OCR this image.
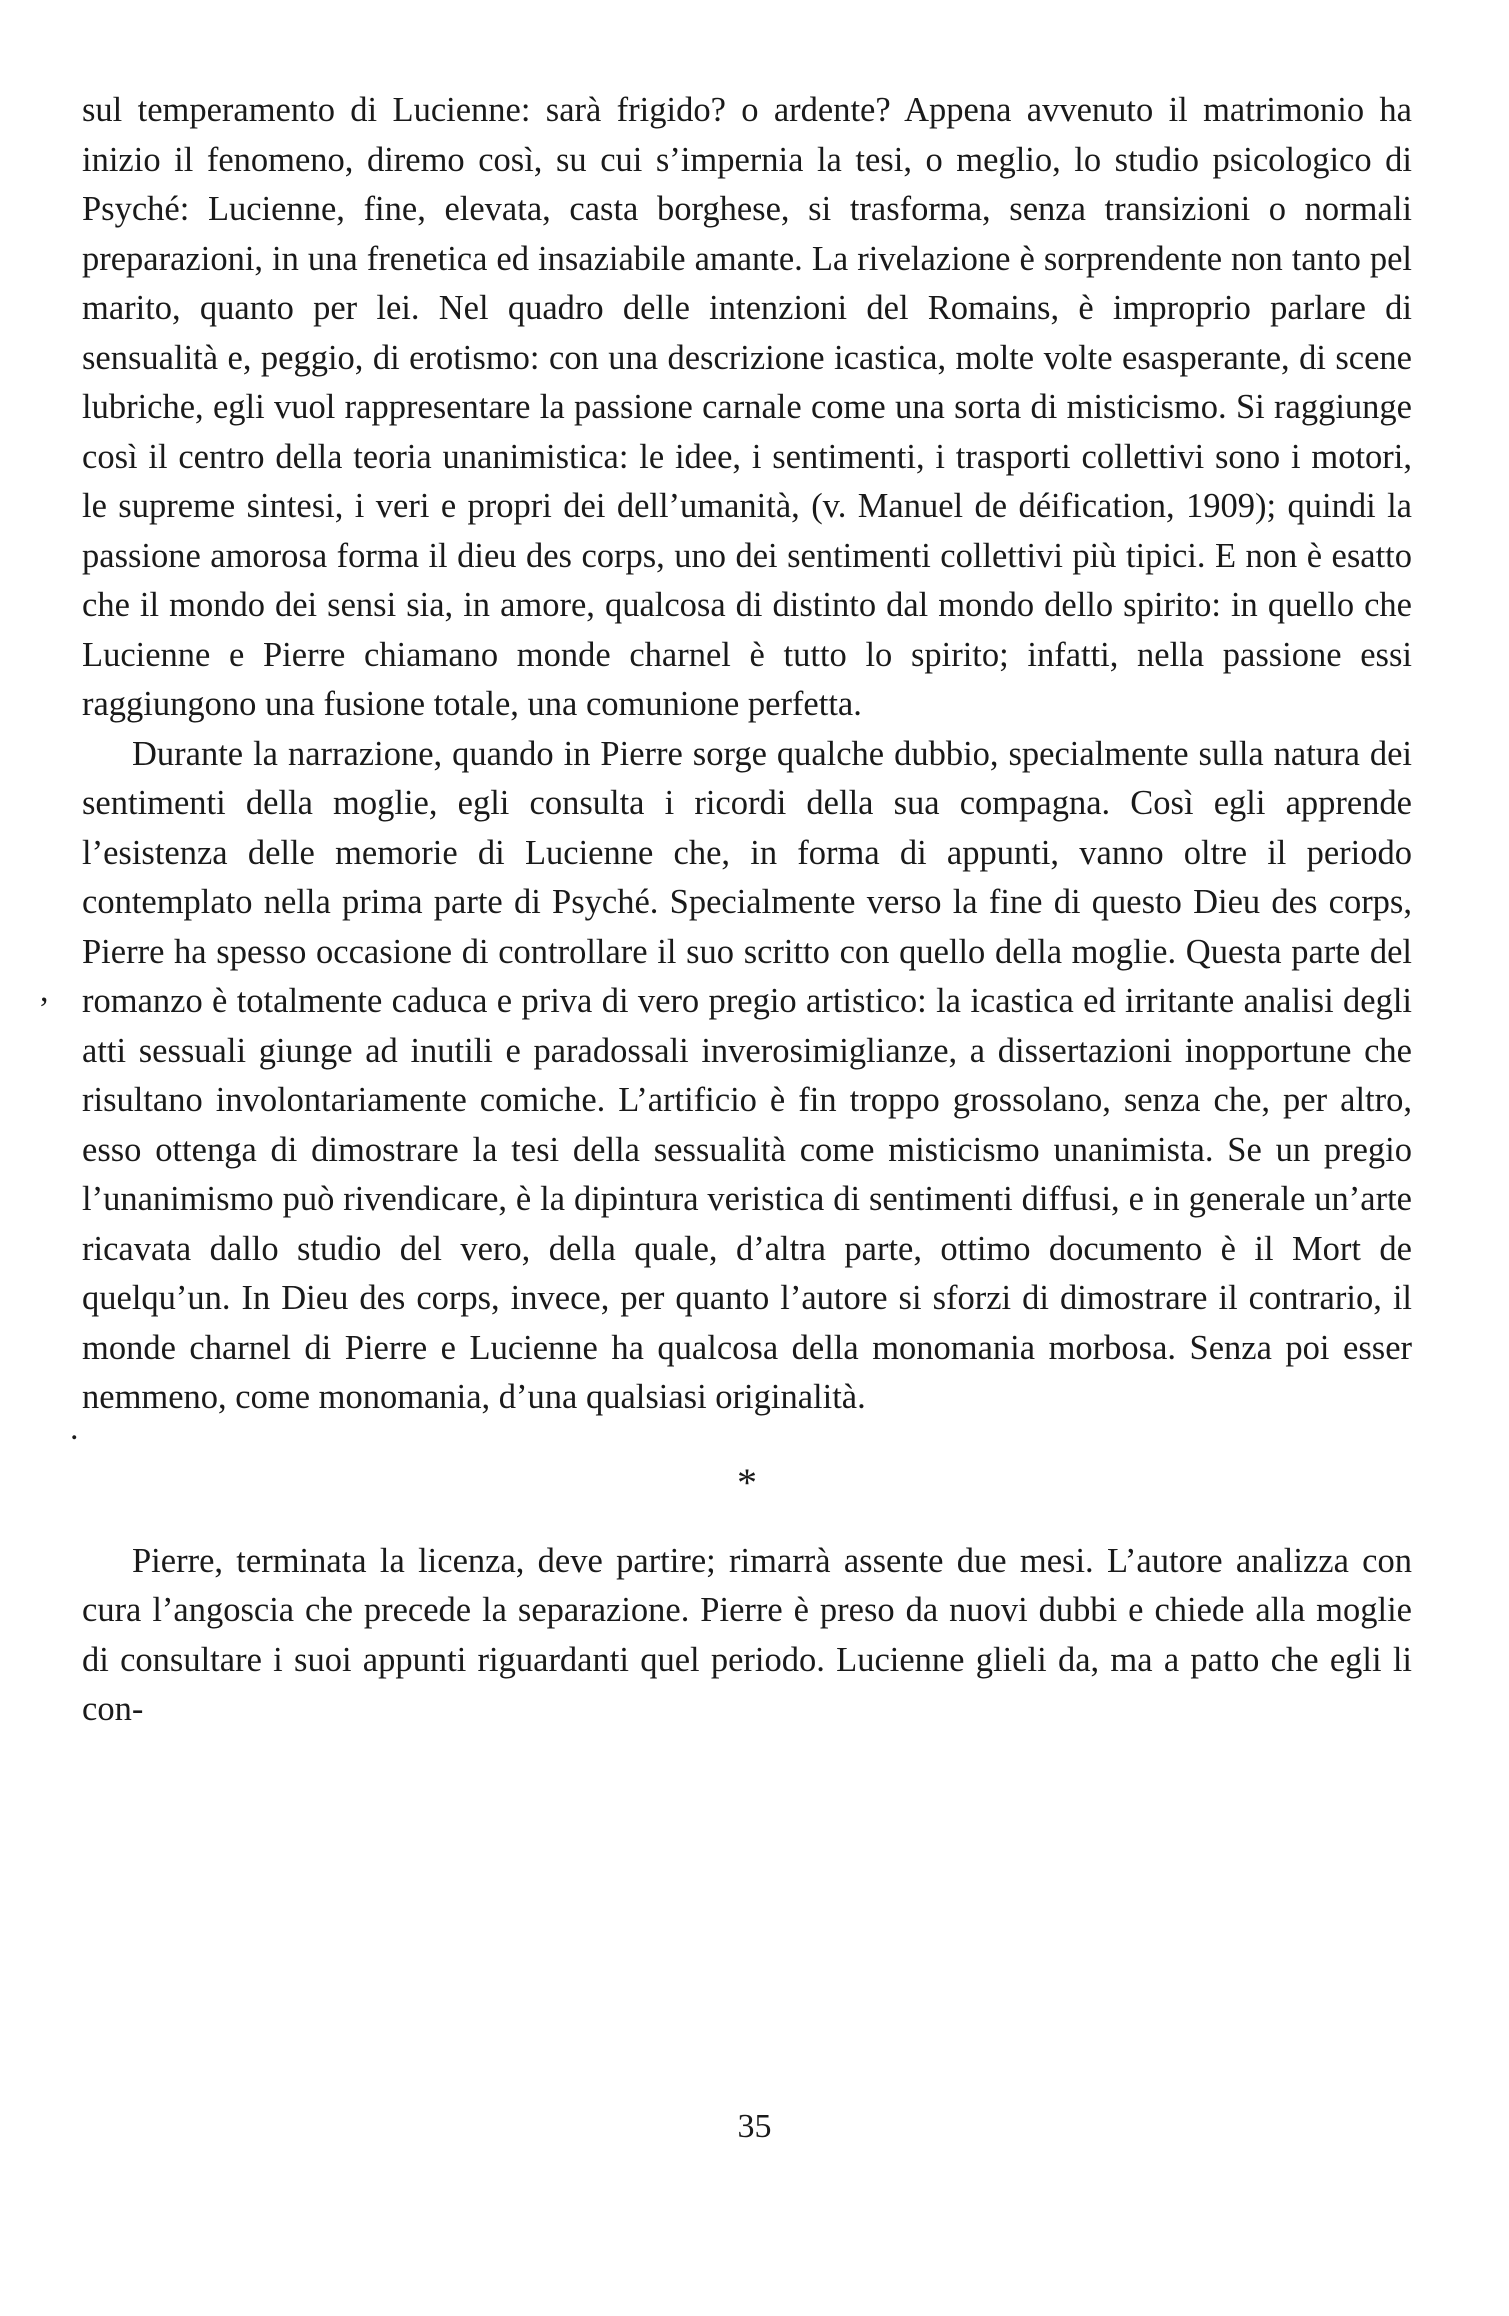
sul temperamento di Lucienne: sarà frigido? o ardente? Appena avvenuto il matrimonio ha inizio il fenomeno, diremo così, su cui s’impernia la tesi, o meglio, lo studio psicologico di Psyché: Lucienne, fine, elevata, casta borghese, si trasforma, senza transizioni o normali preparazioni, in una frenetica ed insaziabile amante. La rivelazione è sorprendente non tanto pel marito, quanto per lei. Nel quadro delle intenzioni del Romains, è improprio parlare di sensualità e, peggio, di erotismo: con una descrizione icastica, molte volte esasperante, di scene lubriche, egli vuol rappresentare la passione carnale come una sorta di misticismo. Si raggiunge così il centro della teoria unanimistica: le idee, i sentimenti, i trasporti collettivi sono i motori, le supreme sintesi, i veri e propri dei dell’umanità, (v. Manuel de déification, 1909); quindi la passione amorosa forma il dieu des corps, uno dei sentimenti collettivi più tipici. E non è esatto che il mondo dei sensi sia, in amore, qualcosa di distinto dal mondo dello spirito: in quello che Lucienne e Pierre chiamano monde charnel è tutto lo spirito; infatti, nella passione essi raggiungono una fusione totale, una comunione perfetta.

Durante la narrazione, quando in Pierre sorge qualche dubbio, specialmente sulla natura dei sentimenti della moglie, egli consulta i ricordi della sua compagna. Così egli apprende l’esistenza delle memorie di Lucienne che, in forma di appunti, vanno oltre il periodo contemplato nella prima parte di Psyché. Specialmente verso la fine di questo Dieu des corps, Pierre ha spesso occasione di controllare il suo scritto con quello della moglie. Questa parte del romanzo è totalmente caduca e priva di vero pregio artistico: la icastica ed irritante analisi degli atti sessuali giunge ad inutili e paradossali inverosimiglianze, a dissertazioni inopportune che risultano involontariamente comiche. L’artificio è fin troppo grossolano, senza che, per altro, esso ottenga di dimostrare la tesi della sessualità come misticismo unanimista. Se un pregio l’unanimismo può rivendicare, è la dipintura veristica di sentimenti diffusi, e in generale un’arte ricavata dallo studio del vero, della quale, d’altra parte, ottimo documento è il Mort de quelqu’un. In Dieu des corps, invece, per quanto l’autore si sforzi di dimostrare il contrario, il monde charnel di Pierre e Lucienne ha qualcosa della monomania morbosa. Senza poi esser nemmeno, come monomania, d’una qualsiasi originalità.

*

Pierre, terminata la licenza, deve partire; rimarrà assente due mesi. L’autore analizza con cura l’angoscia che precede la separazione. Pierre è preso da nuovi dubbi e chiede alla moglie di consultare i suoi appunti riguardanti quel periodo. Lucienne glieli da, ma a patto che egli li con-

,
.
35
